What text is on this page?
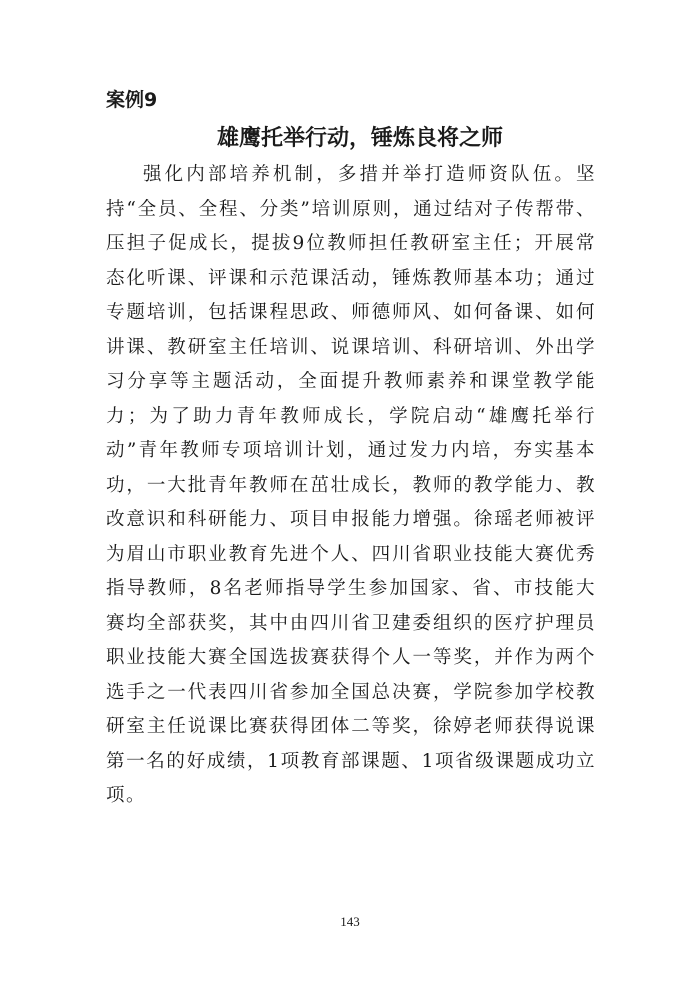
案例9
雄鹰托举行动，锤炼良将之师

强化内部培养机制，多措并举打造师资队伍。坚持“全员、全程、分类”培训原则，通过结对子传帮带、压担子促成长，提拔9位教师担任教研室主任；开展常态化听课、评课和示范课活动，锤炼教师基本功；通过专题培训，包括课程思政、师德师风、如何备课、如何讲课、教研室主任培训、说课培训、科研培训、外出学习分享等主题活动，全面提升教师素养和课堂教学能力；为了助力青年教师成长，学院启动“雄鹰托举行动”青年教师专项培训计划，通过发力内培，夯实基本功，一大批青年教师在茁壮成长，教师的教学能力、教改意识和科研能力、项目申报能力增强。徐瑶老师被评为眉山市职业教育先进个人、四川省职业技能大赛优秀指导教师，8名老师指导学生参加国家、省、市技能大赛均全部获奖，其中由四川省卫建委组织的医疗护理员职业技能大赛全国选拔赛获得个人一等奖，并作为两个选手之一代表四川省参加全国总决赛，学院参加学校教研室主任说课比赛获得团体二等奖，徐婷老师获得说课第一名的好成绩，1项教育部课题、1项省级课题成功立项。

143
